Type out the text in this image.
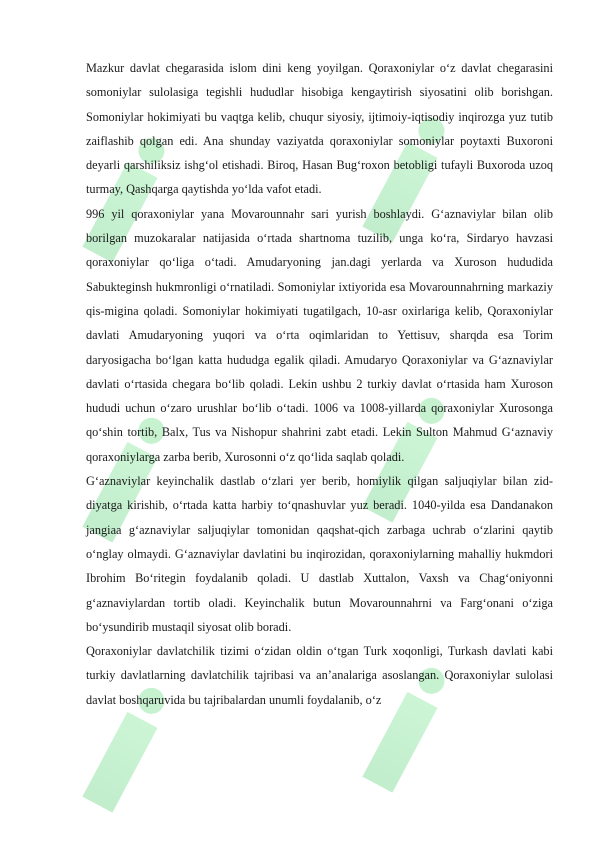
Mazkur davlat chegarasida islom dini keng yoyilgan. Qoraxoniylar o‘z davlat chegarasini somoniylar sulolasiga tegishli hududlar hisobiga kengaytirish siyosatini olib borishgan. Somoniylar hokimiyati bu vaqtga kelib, chuqur siyosiy, ijtimoiy-iqtisodiy inqirozga yuz tutib zaiflashib qolgan edi. Ana shunday vaziyatda qoraxoniylar somoniylar poytaxti Buxoroni deyarli qarshiliksiz ishg‘ol etishadi. Biroq, Hasan Bug‘roxon betobligi tufayli Buxoroda uzoq turmay, Qashqarga qaytishda yo‘lda vafot etadi.

996 yil qoraxoniylar yana Movarounnahr sari yurish boshlaydi. G‘aznaviylar bilan olib borilgan muzokaralar natijasida o‘rtada shartnoma tuzilib, unga ko‘ra, Sirdaryo havzasi qoraxoniylar qo‘liga o‘tadi. Amudaryoning jan.dagi yerlarda va Xuroson hududida Sabukteginsh hukmronligi o‘rnatiladi. Somoniylar ixtiyorida esa Movarounnahrning markaziy qis-migina qoladi. Somoniylar hokimiyati tugatilgach, 10-asr oxirlariga kelib, Qoraxoniylar davlati Amudaryoning yuqori va o‘rta oqimlaridan to Yettisuv, sharqda esa Torim daryosigacha bo‘lgan katta hududga egalik qiladi. Amudaryo Qoraxoniylar va G‘aznaviylar davlati o‘rtasida chegara bo‘lib qoladi. Lekin ushbu 2 turkiy davlat o‘rtasida ham Xuroson hududi uchun o‘zaro urushlar bo‘lib o‘tadi. 1006 va 1008-yillarda qoraxoniylar Xurosonga qo‘shin tortib, Balx, Tus va Nishopur shahrini zabt etadi. Lekin Sulton Mahmud G‘aznaviy qoraxoniylarga zarba berib, Xurosonni o‘z qo‘lida saqlab qoladi.

G‘aznaviylar keyinchalik dastlab o‘zlari yer berib, homiylik qilgan saljuqiylar bilan zid-diyatga kirishib, o‘rtada katta harbiy to‘qnashuvlar yuz beradi. 1040-yilda esa Dandanakon jangiaa g‘aznaviylar saljuqiylar tomonidan qaqshat-qich zarbaga uchrab o‘zlarini qaytib o‘nglay olmaydi. G‘aznaviylar davlatini bu inqirozidan, qoraxoniylarning mahalliy hukmdori Ibrohim Bo‘ritegin foydalanib qoladi. U dastlab Xuttalon, Vaxsh va Chag‘oniyonni g‘aznaviylardan tortib oladi. Keyinchalik butun Movarounnahrni va Farg‘onani o‘ziga bo‘ysundirib mustaqil siyosat olib boradi.

Qoraxoniylar davlatchilik tizimi o‘zidan oldin o‘tgan Turk xoqonligi, Turkash davlati kabi turkiy davlatlarning davlatchilik tajribasi va an’analariga asoslangan. Qoraxoniylar sulolasi davlat boshqaruvida bu tajribalardan unumli foydalanib, o‘z
